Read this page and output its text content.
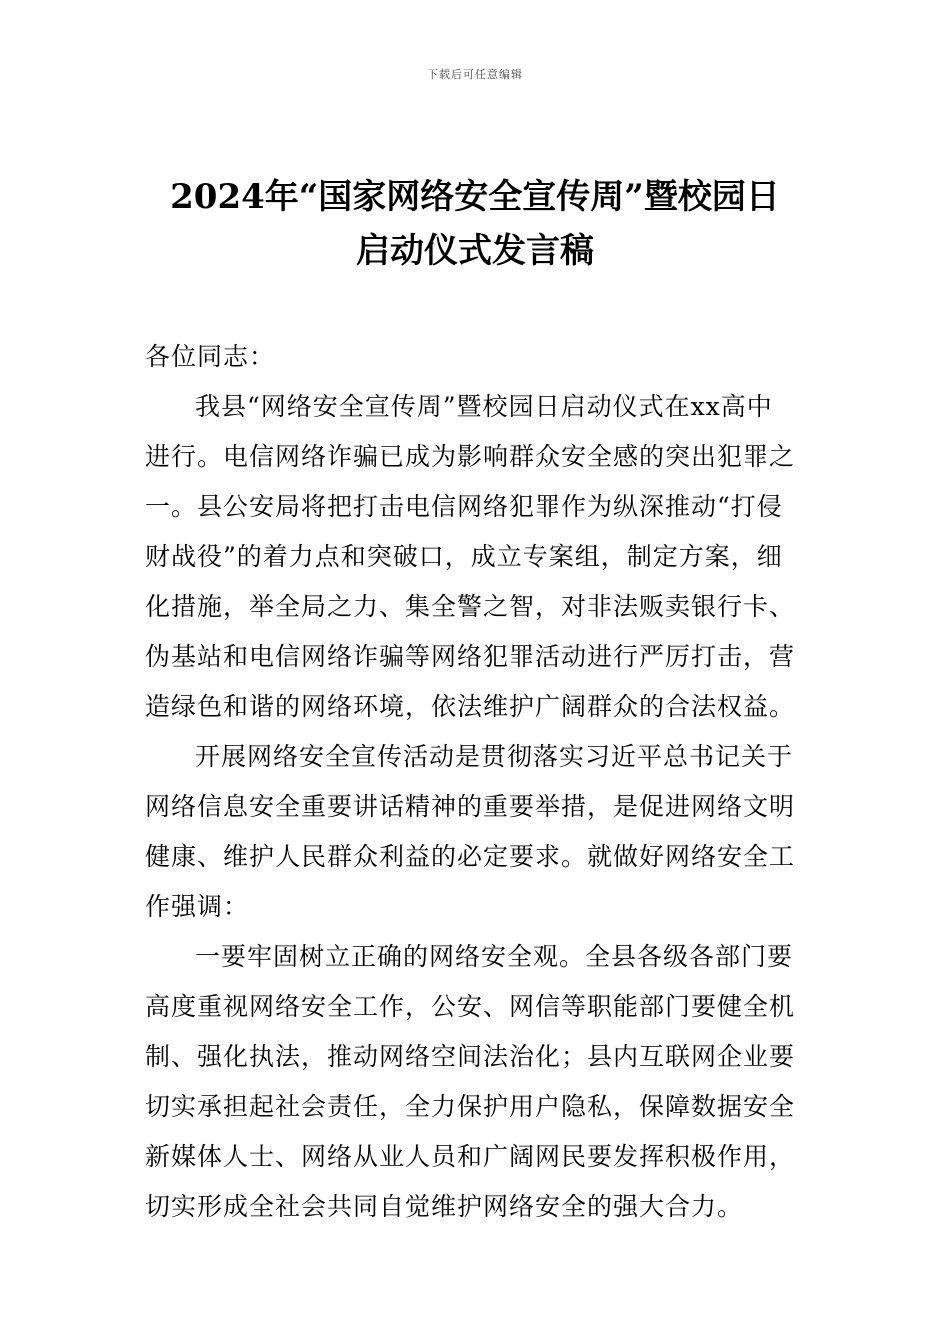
下载后可任意编辑
2024年“国家网络安全宣传周”暨校园日
启动仪式发言稿
各位同志：
我县“网络安全宣传周”暨校园日启动仪式在xx高中
进行。电信网络诈骗已成为影响群众安全感的突出犯罪之
一。县公安局将把打击电信网络犯罪作为纵深推动“打侵
财战役”的着力点和突破口，成立专案组，制定方案，细
化措施，举全局之力、集全警之智，对非法贩卖银行卡、
伪基站和电信网络诈骗等网络犯罪活动进行严厉打击，营
造绿色和谐的网络环境，依法维护广阔群众的合法权益。
开展网络安全宣传活动是贯彻落实习近平总书记关于
网络信息安全重要讲话精神的重要举措，是促进网络文明
健康、维护人民群众利益的必定要求。就做好网络安全工
作强调：
一要牢固树立正确的网络安全观。全县各级各部门要
高度重视网络安全工作，公安、网信等职能部门要健全机
制、强化执法，推动网络空间法治化；县内互联网企业要
切实承担起社会责任，全力保护用户隐私，保障数据安全
新媒体人士、网络从业人员和广阔网民要发挥积极作用，
切实形成全社会共同自觉维护网络安全的强大合力。
